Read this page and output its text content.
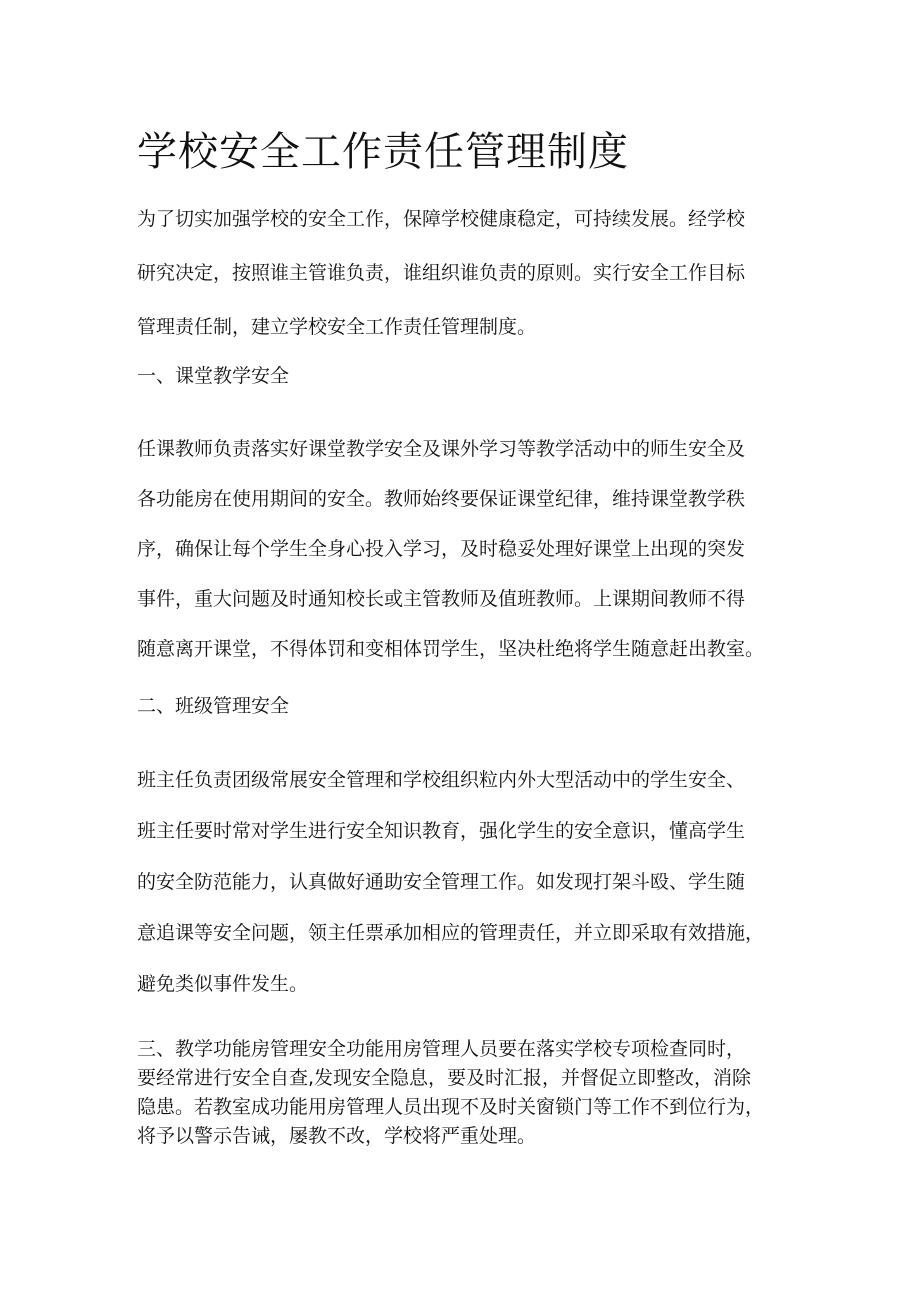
学校安全工作责任管理制度
为了切实加强学校的安全工作，保障学校健康稳定，可持续发展。经学校
研究决定，按照谁主管谁负责，谁组织谁负责的原则。实行安全工作目标
管理责任制，建立学校安全工作责任管理制度。
一、课堂教学安全
任课教师负责落实好课堂教学安全及课外学习等教学活动中的师生安全及
各功能房在使用期间的安全。教师始终要保证课堂纪律，维持课堂教学秩
序，确保让每个学生全身心投入学习，及时稳妥处理好课堂上出现的突发
事件，重大问题及时通知校长或主管教师及值班教师。上课期间教师不得
随意离开课堂，不得体罚和变相体罚学生，坚决杜绝将学生随意赶出教室。
二、班级管理安全
班主任负责团级常展安全管理和学校组织粒内外大型活动中的学生安全、
班主任要时常对学生进行安全知识教育，强化学生的安全意识，懂高学生
的安全防范能力，认真做好通助安全管理工作。如发现打架斗殴、学生随
意追课等安全问题，领主任票承加相应的管理责任，并立即采取有效措施，
避免类似事件发生。
三、教学功能房管理安全功能用房管理人员要在落实学校专项检查同时，
要经常进行安全自查,发现安全隐息，要及时汇报，并督促立即整改，消除
隐患。若教室成功能用房管理人员出现不及时关窗锁门等工作不到位行为，
将予以警示告诫，屡教不改，学校将严重处理。
